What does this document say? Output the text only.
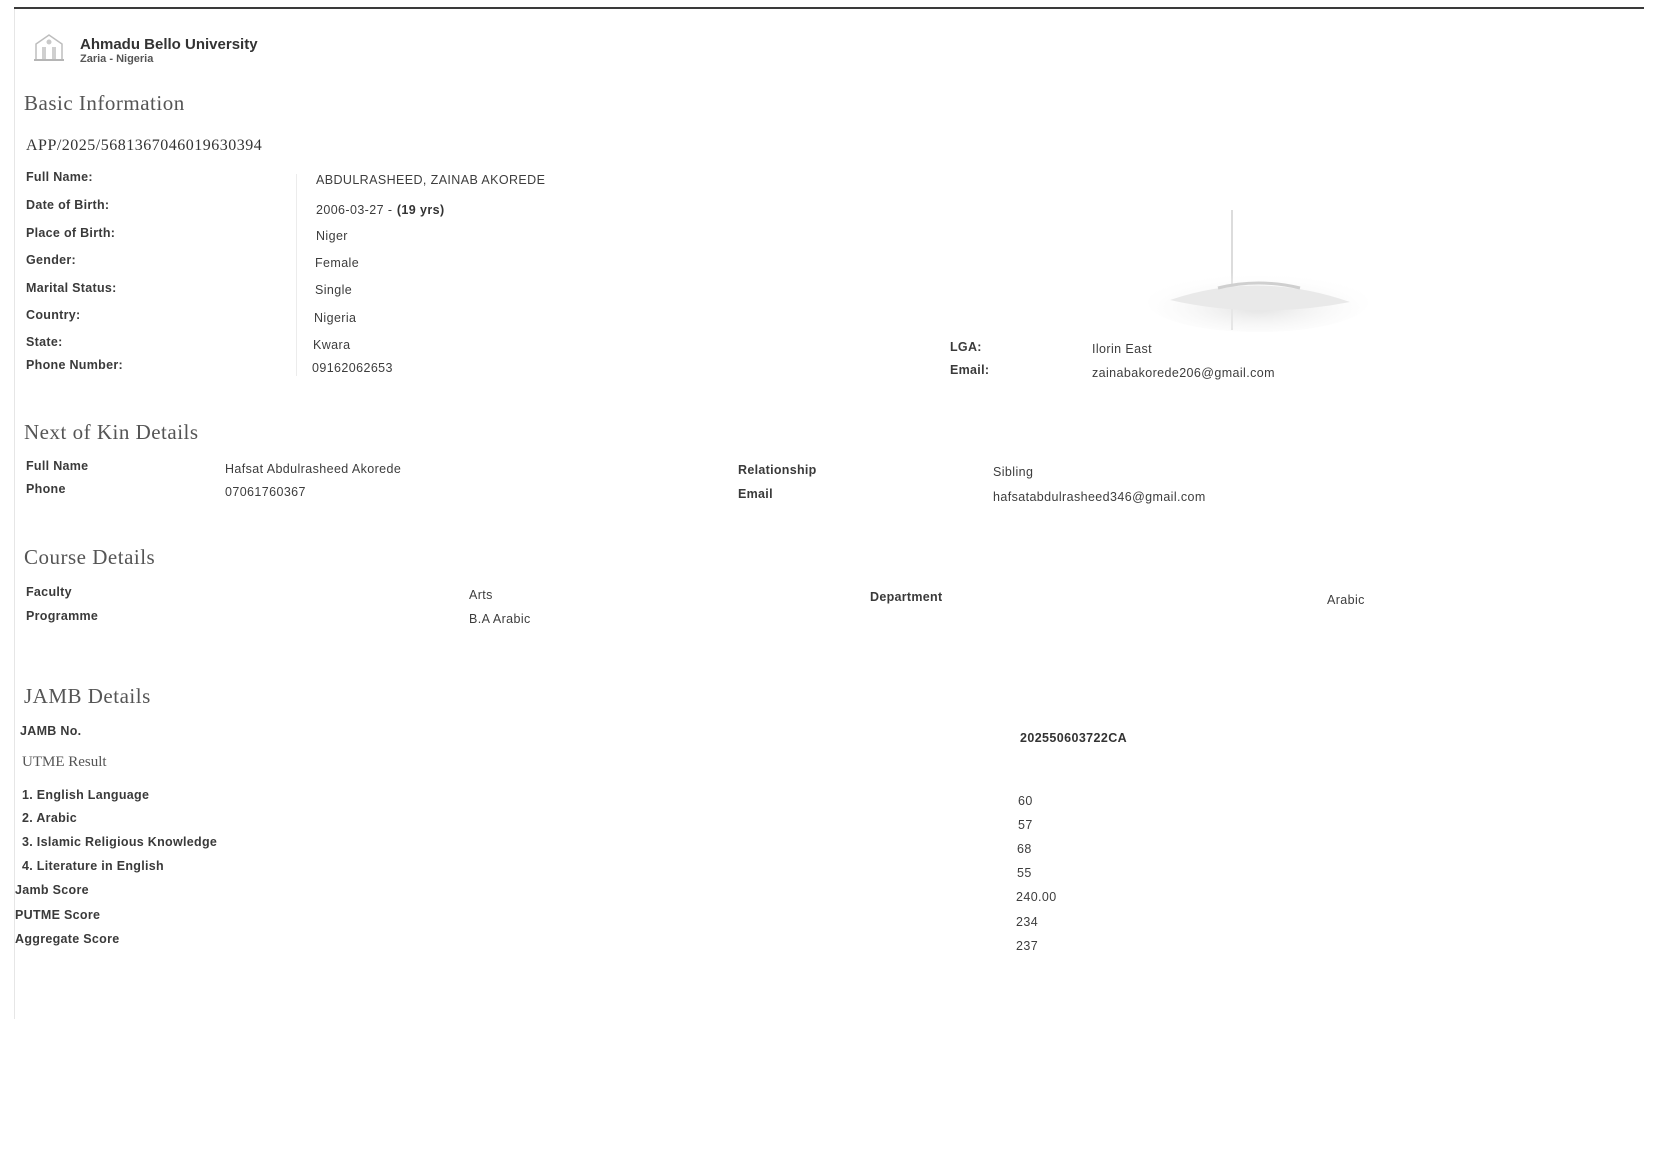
Ahmadu Bello University
Zaria - Nigeria
Basic Information
APP/2025/5681367046019630394
Full Name:	ABDULRASHEED, ZAINAB AKOREDE
Date of Birth:	2006-03-27 - (19 yrs)
Place of Birth:	Niger
Gender:	Female
Marital Status:	Single
Country:	Nigeria
State:	Kwara
Phone Number:	09162062653
LGA:	Ilorin East
Email:	zainabakorede206@gmail.com
Next of Kin Details
Full Name	Hafsat Abdulrasheed Akorede
Phone	07061760367
Relationship	Sibling
Email	hafsatabdulrasheed346@gmail.com
Course Details
Faculty	Arts
Programme	B.A Arabic
Department	Arabic
JAMB Details
JAMB No.	202550603722CA
UTME Result
1. English Language	60
2. Arabic	57
3. Islamic Religious Knowledge	68
4. Literature in English	55
Jamb Score	240.00
PUTME Score	234
Aggregate Score	237
